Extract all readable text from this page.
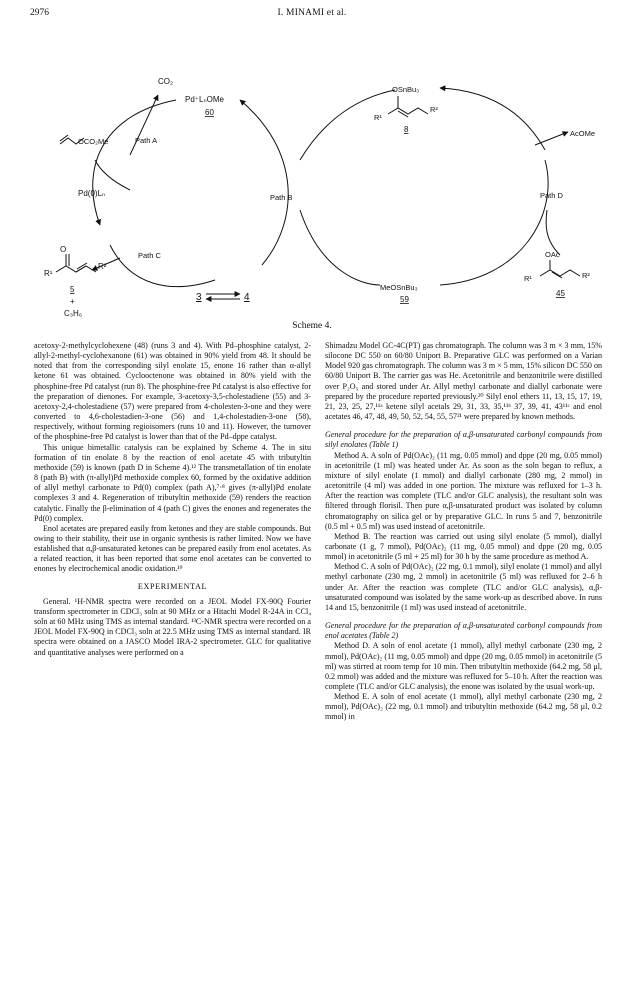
2976	I. MINAMI et al.
CO₂
Pd⁺LₙOMe
60
Path A
OCO₂Me
Pd(0)Lₙ	Path B
Path C
O
R¹
R²
5
+
C₃H₆
3	4
OSnBu₃
R¹
R²
8	AcOMe
Path D
MeOSnBu₃
59
OAc
R¹	R²
45
Scheme 4.

acetoxy-2-methylcyclohexene (48) (runs 3 and 4). With Pd–phosphine catalyst, 2-allyl-2-methyl-cyclohexanone (61) was obtained in 90% yield from 48. It should be noted that from the corresponding silyl enolate 15, enone 16 rather than α-allyl ketone 61 was obtained. Cyclooctenone was obtained in 80% yield with the phosphine-free Pd catalyst (run 8). The phosphine-free Pd catalyst is also effective for the preparation of dienones. For example, 3-acetoxy-3,5-cholestadiene (55) and 3-acetoxy-2,4-cholestadiene (57) were prepared from 4-cholesten-3-one and they were converted to 4,6-cholestadien-3-one (56) and 1,4-cholestadien-3-one (58), respectively, without forming regioisomers (runs 10 and 11). However, the turnover of the phosphine-free Pd catalyst is lower than that of the Pd–dppe catalyst.

This unique bimetallic catalysis can be explained by Scheme 4. The in situ formation of tin enolate 8 by the reaction of enol acetate 45 with tributyltin methoxide (59) is known (path D in Scheme 4).¹² The transmetallation of tin enolate 8 (path B) with (π-allyl)Pd methoxide complex 60, formed by the oxidative addition of allyl methyl carbonate to Pd(0) complex (path A),⁷·⁸ gives (π-allyl)Pd enolate complexes 3 and 4. Regeneration of tributyltin methoxide (59) renders the reaction catalytic. Finally the β-elimination of 4 (path C) gives the enones and regenerates the Pd(0) complex.

Enol acetates are prepared easily from ketones and they are stable compounds. But owing to their stability, their use in organic synthesis is rather limited. Now we have established that α,β-unsaturated ketones can be prepared easily from enol acetates. As a related reaction, it has been reported that some enol acetates can be converted to enones by electrochemical anodic oxidation.¹⁹

EXPERIMENTAL

General. ¹H-NMR spectra were recorded on a JEOL Model FX-90Q Fourier transform spectrometer in CDCl₃ soln at 90 MHz or a Hitachi Model R-24A in CCl₄ soln at 60 MHz using TMS as internal standard. ¹³C-NMR spectra were recorded on a JEOL Model FX-90Q in CDCl₃ soln at 22.5 MHz using TMS as internal standard. IR spectra were obtained on a JASCO Model IRA-2 spectrometer. GLC for qualitative and quantitative analyses were performed on a

Shimadzu Model GC-4C(PT) gas chromatograph. The column was 3 m × 3 mm, 15% silocone DC 550 on 60/80 Uniport B. Preparative GLC was performed on a Varian Model 920 gas chromatograph. The column was 3 m × 5 mm, 15% silicon DC 550 on 60/80 Uniport B. The carrier gas was He. Acetonitrile and benzonitrile were distilled over P₂O₅ and stored under Ar. Allyl methyl carbonate and diallyl carbonate were prepared by the procedure reported previously.²⁰ Silyl enol ethers 11, 13, 15, 17, 19, 21, 23, 25, 27,¹¹ᵃ ketene silyl acetals 29, 31, 33, 35,¹¹ᵇ 37, 39, 41, 43¹¹ᶜ and enol acetates 46, 47, 48, 49, 50, 52, 54, 55, 57²¹ were prepared by known methods.

General procedure for the preparation of α,β-unsaturated carbonyl compounds from silyl enolates (Table 1)

Method A. A soln of Pd(OAc)₂ (11 mg, 0.05 mmol) and dppe (20 mg, 0.05 mmol) in acetonitrile (1 ml) was heated under Ar. As soon as the soln began to reflux, a mixture of silyl enolate (1 mmol) and diallyl carbonate (280 mg, 2 mmol) in acetonitrile (4 ml) was added in one portion. The mixture was refluxed for 1–3 h. After the reaction was complete (TLC and/or GLC analysis), the resultant soln was filtered through florisil. Then pure α,β-unsaturated product was isolated by column chromatography on silica gel or by preparative GLC. In runs 5 and 7, benzonitrile (0.5 ml + 0.5 ml) was used instead of acetonitrile.

Method B. The reaction was carried out using silyl enolate (5 mmol), diallyl carbonate (1 g, 7 mmol), Pd(OAc)₂ (11 mg, 0.05 mmol) and dppe (20 mg, 0.05 mmol) in acetonitrile (5 ml + 25 ml) for 30 h by the same procedure as method A.

Method C. A soln of Pd(OAc)₂ (22 mg, 0.1 mmol), silyl enolate (1 mmol) and allyl methyl carbonate (230 mg, 2 mmol) in acetonitrile (5 ml) was refluxed for 2–6 h under Ar. After the reaction was complete (TLC and/or GLC analysis), α,β-unsaturated compound was isolated by the same work-up as described above. In runs 14 and 15, benzonitrile (1 ml) was used instead of acetonitrile.

General procedure for the preparation of α,β-unsaturated carbonyl compounds from enol acetates (Table 2)

Method D. A soln of enol acetate (1 mmol), allyl methyl carbonate (230 mg, 2 mmol), Pd(OAc)₂ (11 mg, 0.05 mmol) and dppe (20 mg, 0.05 mmol) in acetonitrile (5 ml) was stirred at room temp for 10 min. Then tributyltin methoxide (64.2 mg, 58 μl, 0.2 mmol) was added and the mixture was refluxed for 5–10 h. After the reaction was complete (TLC and/or GLC analysis), the enone was isolated by the usual work-up.

Method E. A soln of enol acetate (1 mmol), allyl methyl carbonate (230 mg, 2 mmol), Pd(OAc)₂ (22 mg, 0.1 mmol) and tributyltin methoxide (64.2 mg, 58 μl, 0.2 mmol) in
